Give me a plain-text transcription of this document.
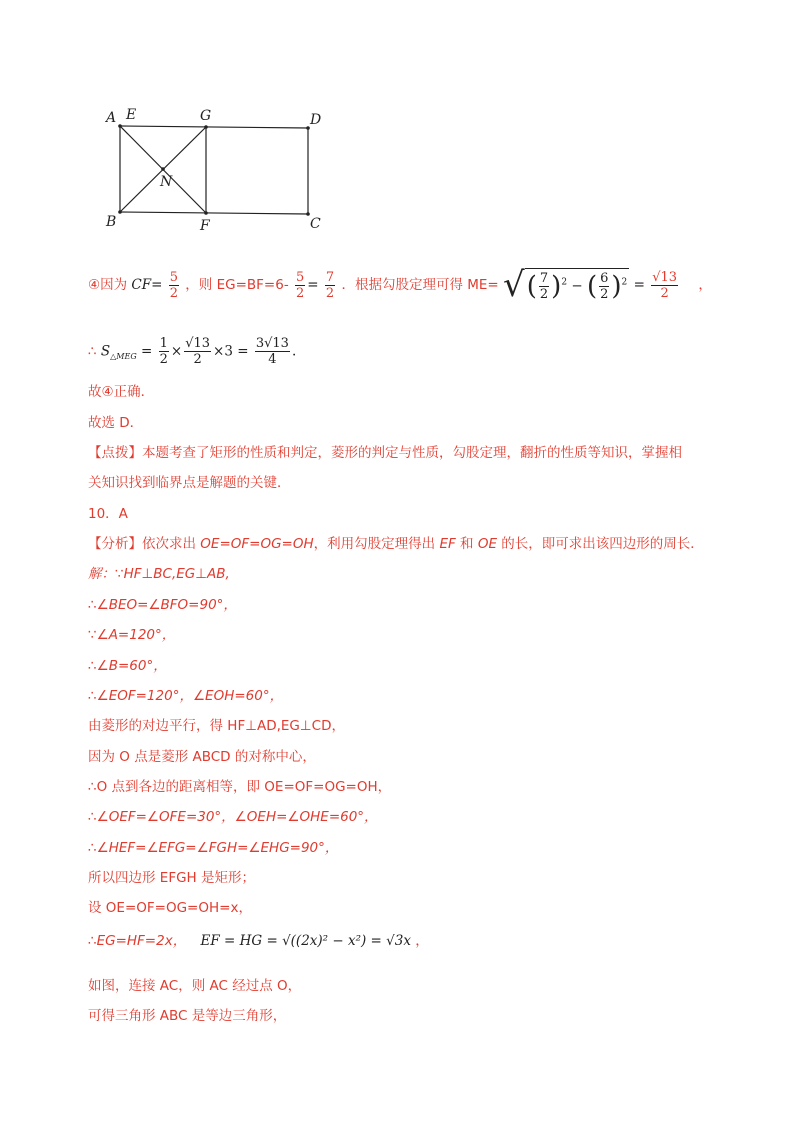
A E	G	D
N
B	F	C
④因为 $CF= \frac{5}{2}$ ，则 $EG=BF=6- \frac{5}{2} = \frac{7}{2}$ ．根据勾股定理可得 ME= √( $\frac{7}{2} )^2$ − ( $\frac{6}{2} )^2 = \frac{√13}{2}$ ，
∴ $S_{\triangle MEG} = \frac{1}{2} \times \frac{√13}{2} \times 3 = \frac{3√13}{4}$ .
故④正确．
故选 D．
【点拨】本题考查了矩形的性质和判定，菱形的判定与性质，勾股定理，翻折的性质等知识，掌握相
关知识找到临界点是解题的关键．
10．A
【分析】依次求出 OE=OF=OG=OH，利用勾股定理得出 EF 和 OE 的长，即可求出该四边形的周长．
解：∵HF⊥BC,EG⊥AB,
∴∠BEO=∠BFO=90°，
∵∠A=120°，
∴∠B=60°，
∴∠EOF=120°，∠EOH=60°，
由菱形的对边平行，得 HF⊥AD,EG⊥CD，
因为 O 点是菱形 ABCD 的对称中心，
∴O 点到各边的距离相等，即 OE=OF=OG=OH，
∴∠OEF=∠OFE=30°，∠OEH=∠OHE=60°，
∴∠HEF=∠EFG=∠FGH=∠EHG=90°，
所以四边形 EFGH 是矩形；
设 OE=OF=OG=OH=x，
∴EG=HF=2x， EF = HG = √((2x)² − x²) = √3x ，
如图，连接 AC，则 AC 经过点 O，
可得三角形 ABC 是等边三角形，
